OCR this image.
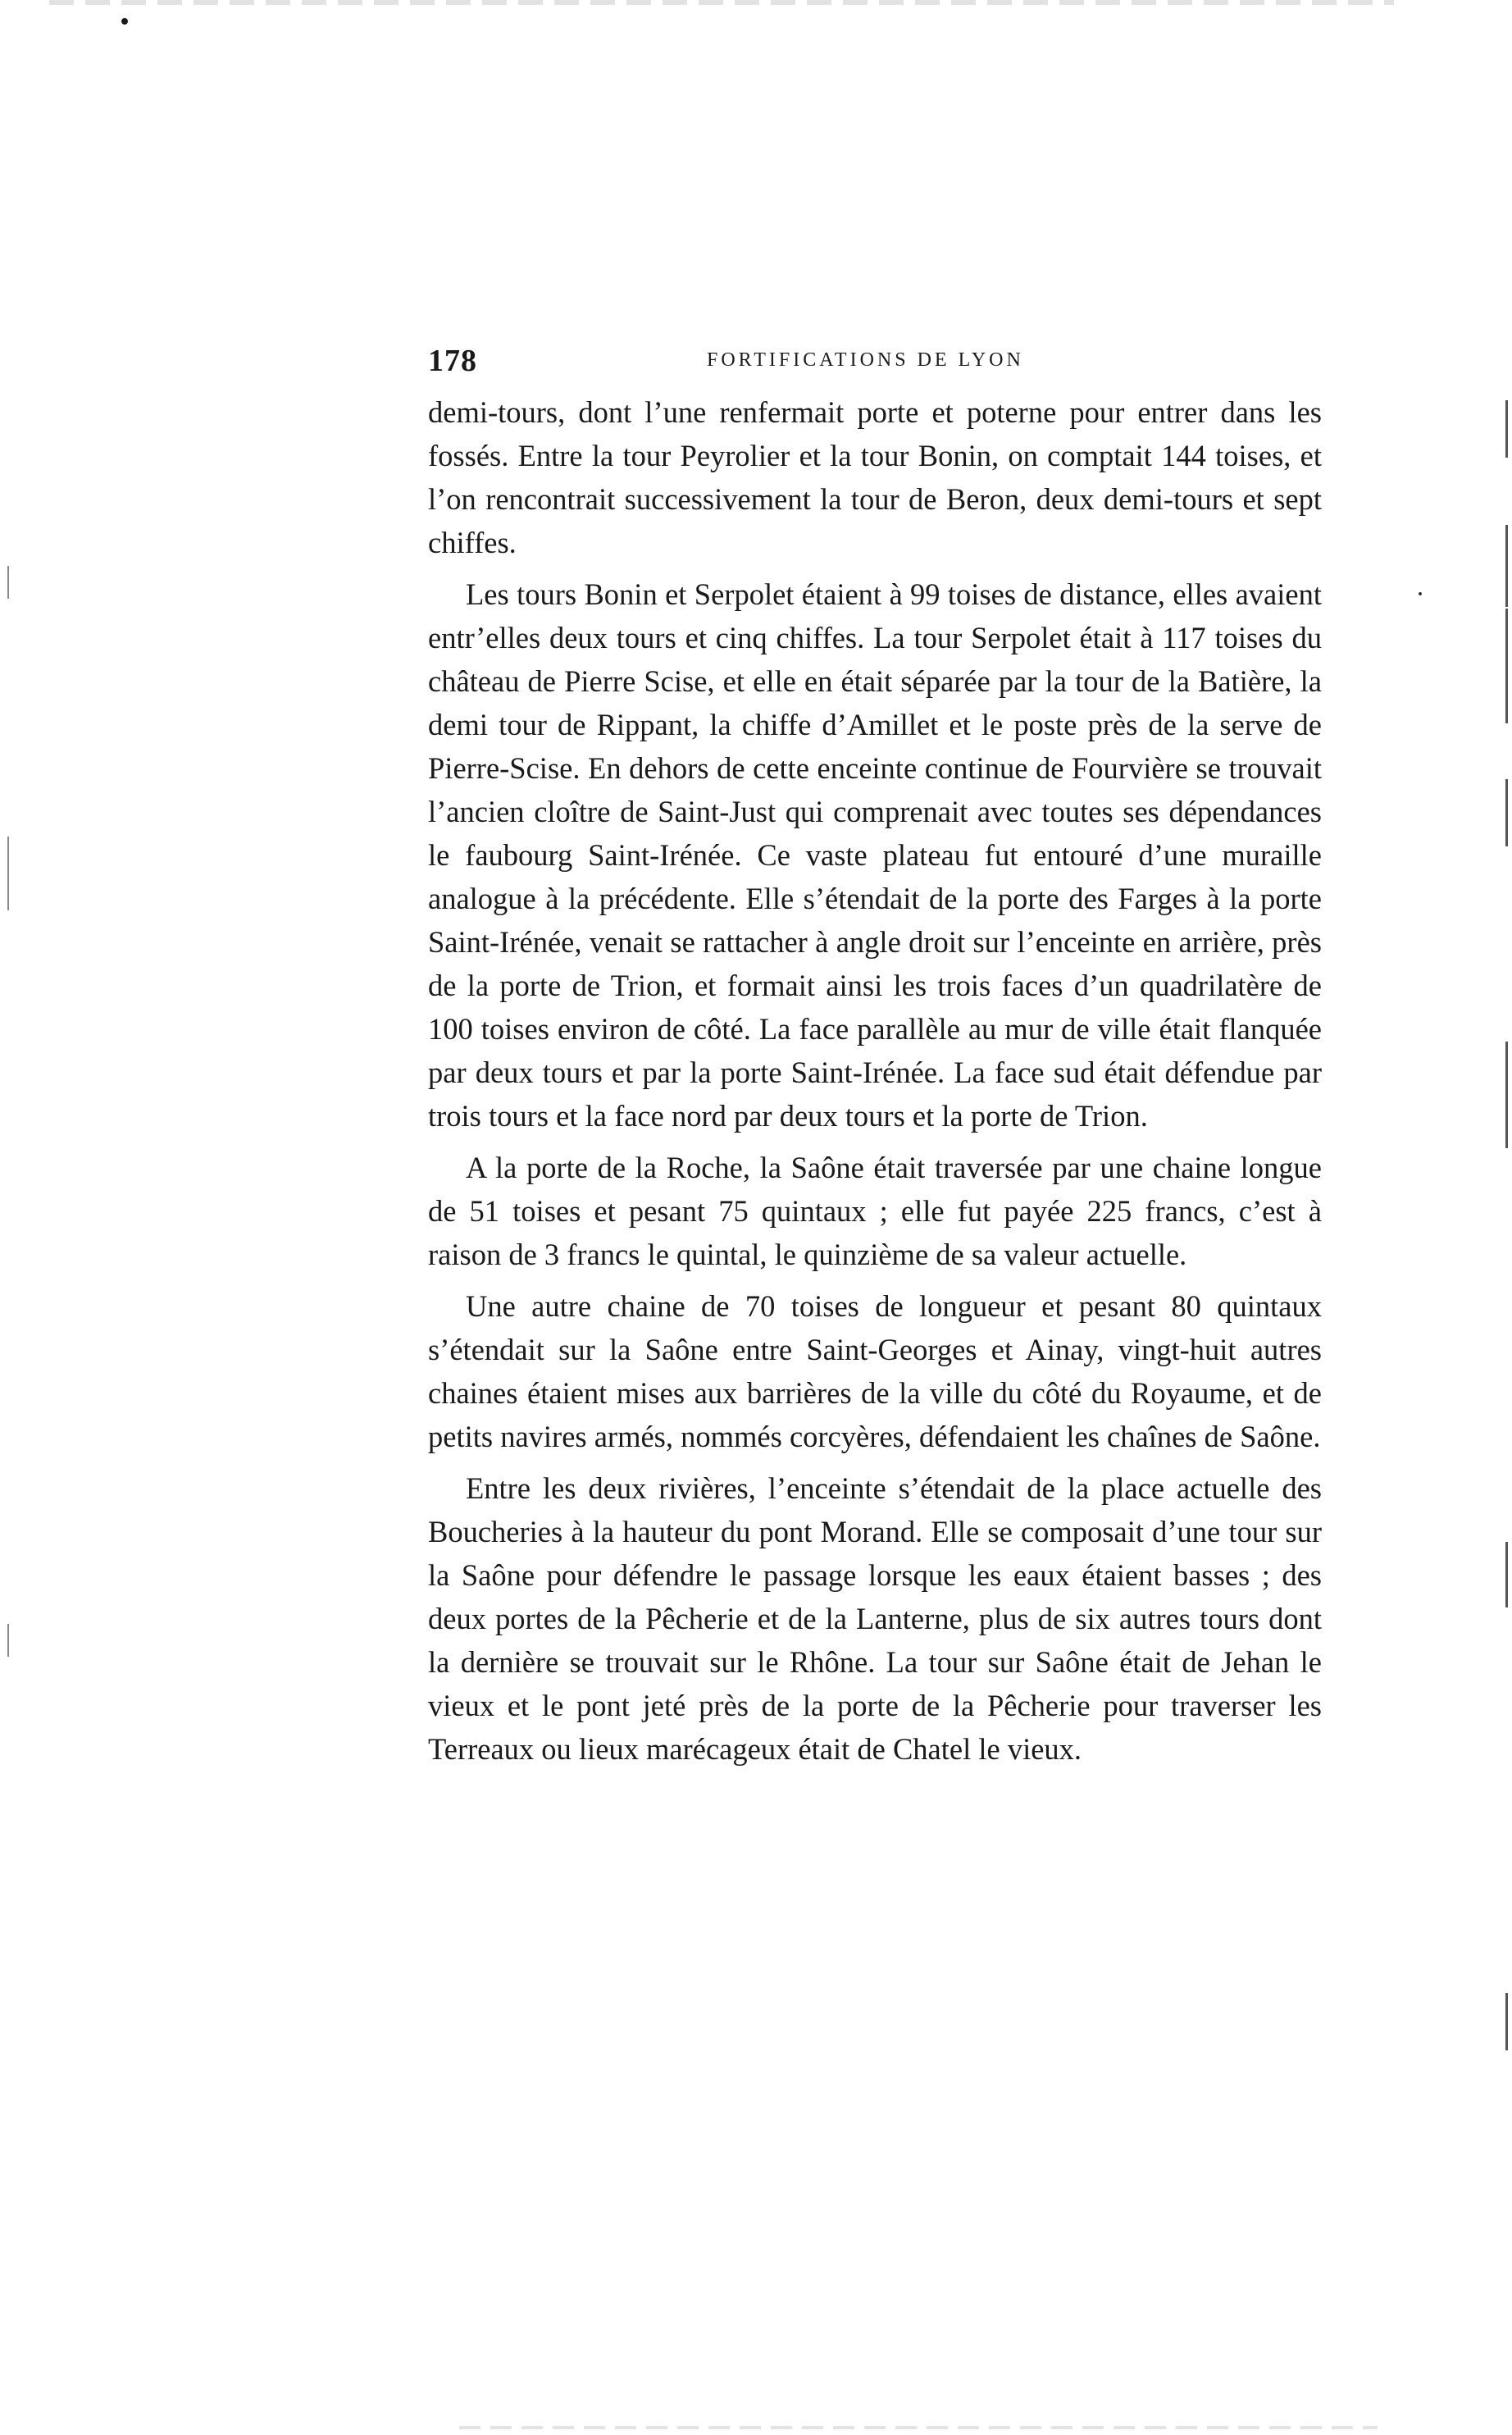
178	FORTIFICATIONS DE LYON

demi-tours, dont l’une renfermait porte et poterne pour entrer dans les fossés. Entre la tour Peyrolier et la tour Bonin, on comptait 144 toises, et l’on rencontrait successivement la tour de Beron, deux demi-tours et sept chiffes.

Les tours Bonin et Serpolet étaient à 99 toises de distance, elles avaient entr’elles deux tours et cinq chiffes. La tour Serpolet était à 117 toises du château de Pierre Scise, et elle en était séparée par la tour de la Batière, la demi tour de Rippant, la chiffe d’Amillet et le poste près de la serve de Pierre-Scise. En dehors de cette enceinte continue de Fourvière se trouvait l’ancien cloître de Saint-Just qui comprenait avec toutes ses dépendances le faubourg Saint-Irénée. Ce vaste plateau fut entouré d’une muraille analogue à la précédente. Elle s’étendait de la porte des Farges à la porte Saint-Irénée, venait se rattacher à angle droit sur l’enceinte en arrière, près de la porte de Trion, et formait ainsi les trois faces d’un quadrilatère de 100 toises environ de côté. La face parallèle au mur de ville était flanquée par deux tours et par la porte Saint-Irénée. La face sud était défendue par trois tours et la face nord par deux tours et la porte de Trion.

A la porte de la Roche, la Saône était traversée par une chaine longue de 51 toises et pesant 75 quintaux ; elle fut payée 225 francs, c’est à raison de 3 francs le quintal, le quinzième de sa valeur actuelle.

Une autre chaine de 70 toises de longueur et pesant 80 quintaux s’étendait sur la Saône entre Saint-Georges et Ainay, vingt-huit autres chaines étaient mises aux barrières de la ville du côté du Royaume, et de petits navires armés, nommés corcyères, défendaient les chaînes de Saône.

Entre les deux rivières, l’enceinte s’étendait de la place actuelle des Boucheries à la hauteur du pont Morand. Elle se composait d’une tour sur la Saône pour défendre le passage lorsque les eaux étaient basses ; des deux portes de la Pêcherie et de la Lanterne, plus de six autres tours dont la dernière se trouvait sur le Rhône. La tour sur Saône était de Jehan le vieux et le pont jeté près de la porte de la Pêcherie pour traverser les Terreaux ou lieux marécageux était de Chatel le vieux.
